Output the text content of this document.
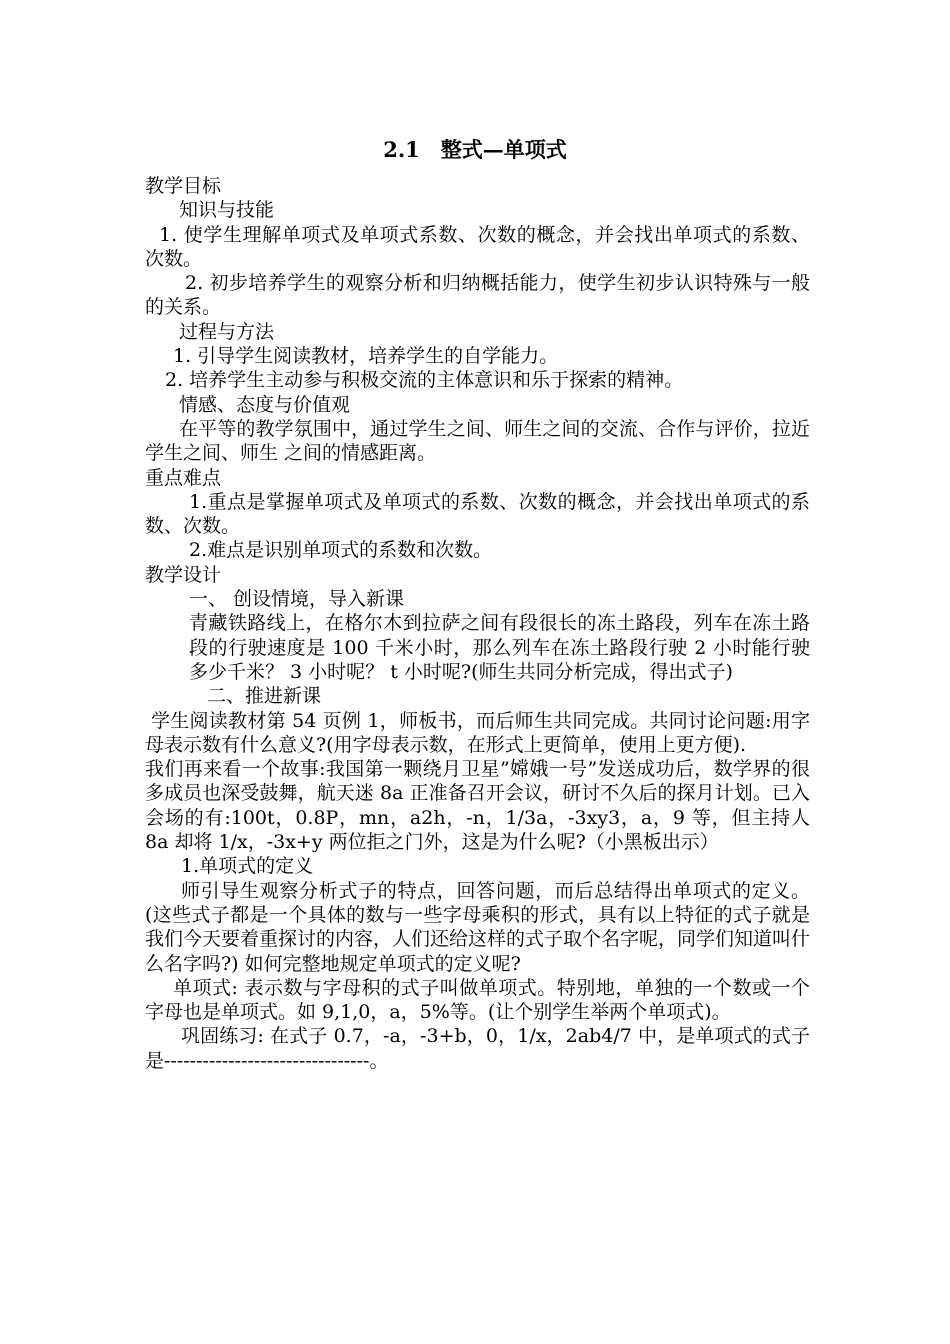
2.1　整式—单项式

教学目标

知识与技能

1. 使学生理解单项式及单项式系数、次数的概念，并会找出单项式的系数、次数。

2. 初步培养学生的观察分析和归纳概括能力，使学生初步认识特殊与一般的关系。

过程与方法

1. 引导学生阅读教材，培养学生的自学能力。

2. 培养学生主动参与积极交流的主体意识和乐于探索的精神。

情感、态度与价值观

在平等的教学氛围中，通过学生之间、师生之间的交流、合作与评价，拉近学生之间、师生 之间的情感距离。

重点难点

1.重点是掌握单项式及单项式的系数、次数的概念，并会找出单项式的系数、次数。

2.难点是识别单项式的系数和次数。

教学设计

一、 创设情境，导入新课

青藏铁路线上，在格尔木到拉萨之间有段很长的冻土路段，列车在冻土路段的行驶速度是 100 千米小时，那么列车在冻土路段行驶 2 小时能行驶多少千米？ 3 小时呢？ t 小时呢?(师生共同分析完成，得出式子)

二、推进新课

学生阅读教材第 54 页例 1，师板书，而后师生共同完成。共同讨论问题:用字母表示数有什么意义?(用字母表示数，在形式上更简单，使用上更方便).

我们再来看一个故事:我国第一颗绕月卫星”嫦娥一号”发送成功后，数学界的很多成员也深受鼓舞，航天迷 8a 正准备召开会议，研讨不久后的探月计划。已入会场的有:100t，0.8P，mn，a2h，-n，1/3a，-3xy3，a，9 等，但主持人 8a 却将 1/x，-3x+y 两位拒之门外，这是为什么呢?（小黑板出示）

1.单项式的定义

师引导生观察分析式子的特点，回答问题，而后总结得出单项式的定义。(这些式子都是一个具体的数与一些字母乘积的形式，具有以上特征的式子就是我们今天要着重探讨的内容，人们还给这样的式子取个名字呢，同学们知道叫什么名字吗?) 如何完整地规定单项式的定义呢?

单项式: 表示数与字母积的式子叫做单项式。特别地，单独的一个数或一个字母也是单项式。如 9,1,0，a，5%等。(让个别学生举两个单项式)。

巩固练习: 在式子 0.7，-a，-3+b，0，1/x，2ab4/7 中，是单项式的式子是--------------------------------。
